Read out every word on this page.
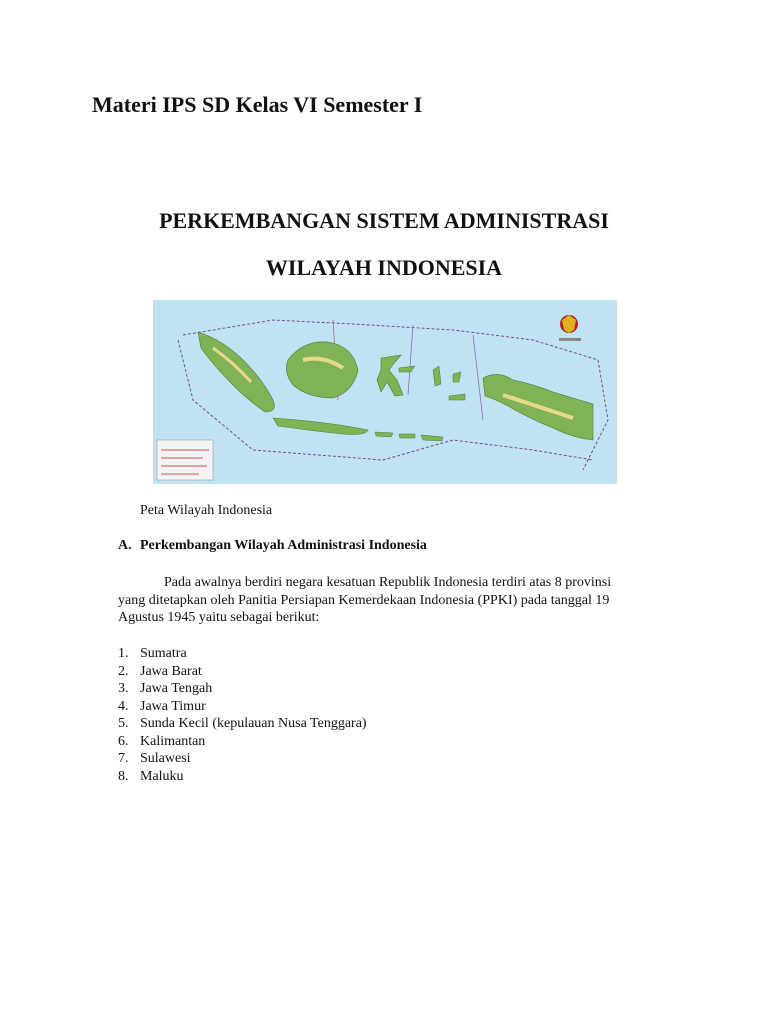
Materi IPS SD Kelas VI Semester I
PERKEMBANGAN SISTEM ADMINISTRASI
WILAYAH INDONESIA
Peta Wilayah Indonesia
A. Perkembangan Wilayah Administrasi Indonesia

Pada awalnya berdiri negara kesatuan Republik Indonesia terdiri atas 8 provinsi
yang ditetapkan oleh Panitia Persiapan Kemerdekaan Indonesia (PPKI) pada tanggal 19
Agustus 1945 yaitu sebagai berikut:

1. Sumatra
2. Jawa Barat
3. Jawa Tengah
4. Jawa Timur
5. Sunda Kecil (kepulauan Nusa Tenggara)
6. Kalimantan
7. Sulawesi
8. Maluku
